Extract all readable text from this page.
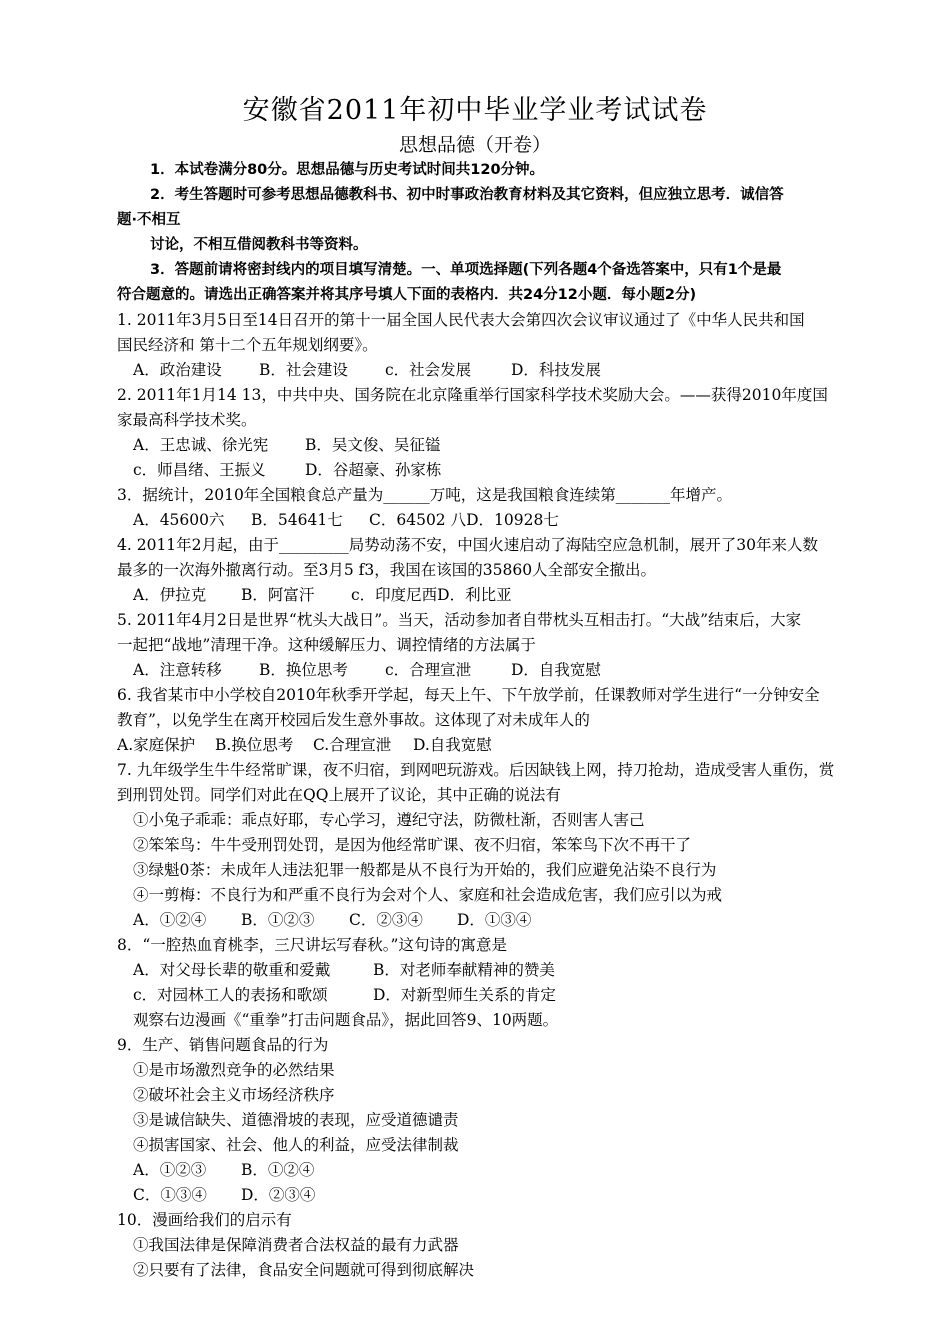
安徽省2011年初中毕业学业考试试卷
思想品德（开卷）
1．本试卷满分80分。思想品德与历史考试时间共120分钟。
2．考生答题时可参考思想品德教科书、初中时事政治教育材料及其它资料，但应独立思考．诚信答
题·不相互
讨论，不相互借阅教科书等资料。
3．答题前请将密封线内的项目填写清楚。一、单项选择题(下列各题4个备选答案中，只有1个是最
符合题意的。请选出正确答案并将其序号填人下面的表格内．共24分12小题．每小题2分)
1. 2011年3月5日至14日召开的第十一届全国人民代表大会第四次会议审议通过了《中华人民共和国
国民经济和 第十二个五年规划纲要》。
A．政治建设 B．社会建设 c．社会发展	D．科技发展
2. 2011年1月14 13，中共中央、国务院在北京隆重举行国家科学技术奖励大会。——获得2010年度国
家最高科学技术奖。
A．王忠诚、徐光宪 B．吴文俊、吴征镒
c．师昌绪、王振义	D．谷超豪、孙家栋
3．据统计，2010年全国粮食总产量为______万吨，这是我国粮食连续第_______年增产。
A．45600六 B．54641七 C．64502 八D．10928七
4. 2011年2月起，由于_________局势动荡不安，中国火速启动了海陆空应急机制，展开了30年来人数
最多的一次海外撤离行动。至3月5 f3，我国在该国的35860人全部安全撤出。
A．伊拉克 B．阿富汗 c．印度尼西D．利比亚
5. 2011年4月2日是世界“枕头大战日”。当天，活动参加者自带枕头互相击打。“大战”结束后，大家
一起把“战地”清理干净。这种缓解压力、调控情绪的方法属于
A．注意转移 B．换位思考 c．合理宣泄	D．自我宽慰
6. 我省某市中小学校自2010年秋季开学起，每天上午、下午放学前，任课教师对学生进行“一分钟安全
教育”，以免学生在离开校园后发生意外事故。这体现了对未成年人的
A.家庭保护 B.换位思考 C.合理宣泄 D.自我宽慰
7. 九年级学生牛牛经常旷课，夜不归宿，到网吧玩游戏。后因缺钱上网，持刀抢劫，造成受害人重伤，赏
到刑罚处罚。同学们对此在QQ上展开了议论，其中正确的说法有
①小兔子乖乖：乖点好耶，专心学习，遵纪守法，防微杜渐，否则害人害己
②笨笨鸟：牛牛受刑罚处罚，是因为他经常旷课、夜不归宿，笨笨鸟下次不再干了
③绿魁0茶：未成年人违法犯罪一般都是从不良行为开始的，我们应避免沾染不良行为
④一剪梅：不良行为和严重不良行为会对个人、家庭和社会造成危害，我们应引以为戒
A．①②④ B．①②③ C．②③④ D．①③④
8．“一腔热血育桃李，三尺讲坛写春秋。”这句诗的寓意是
A．对父母长辈的敬重和爱戴	B．对老师奉献精神的赞美
c．对园林工人的表扬和歌颂	D．对新型师生关系的肯定
观察右边漫画《“重拳”打击问题食品》，据此回答9、10两题。
9．生产、销售问题食品的行为
①是市场激烈竞争的必然结果
②破坏社会主义市场经济秩序
③是诚信缺失、道德滑坡的表现，应受道德谴责
④损害国家、社会、他人的利益，应受法律制裁
A．①②③ B．①②④
C．①③④ D．②③④
10．漫画给我们的启示有
①我国法律是保障消费者合法权益的最有力武器
②只要有了法律，食品安全问题就可得到彻底解决
